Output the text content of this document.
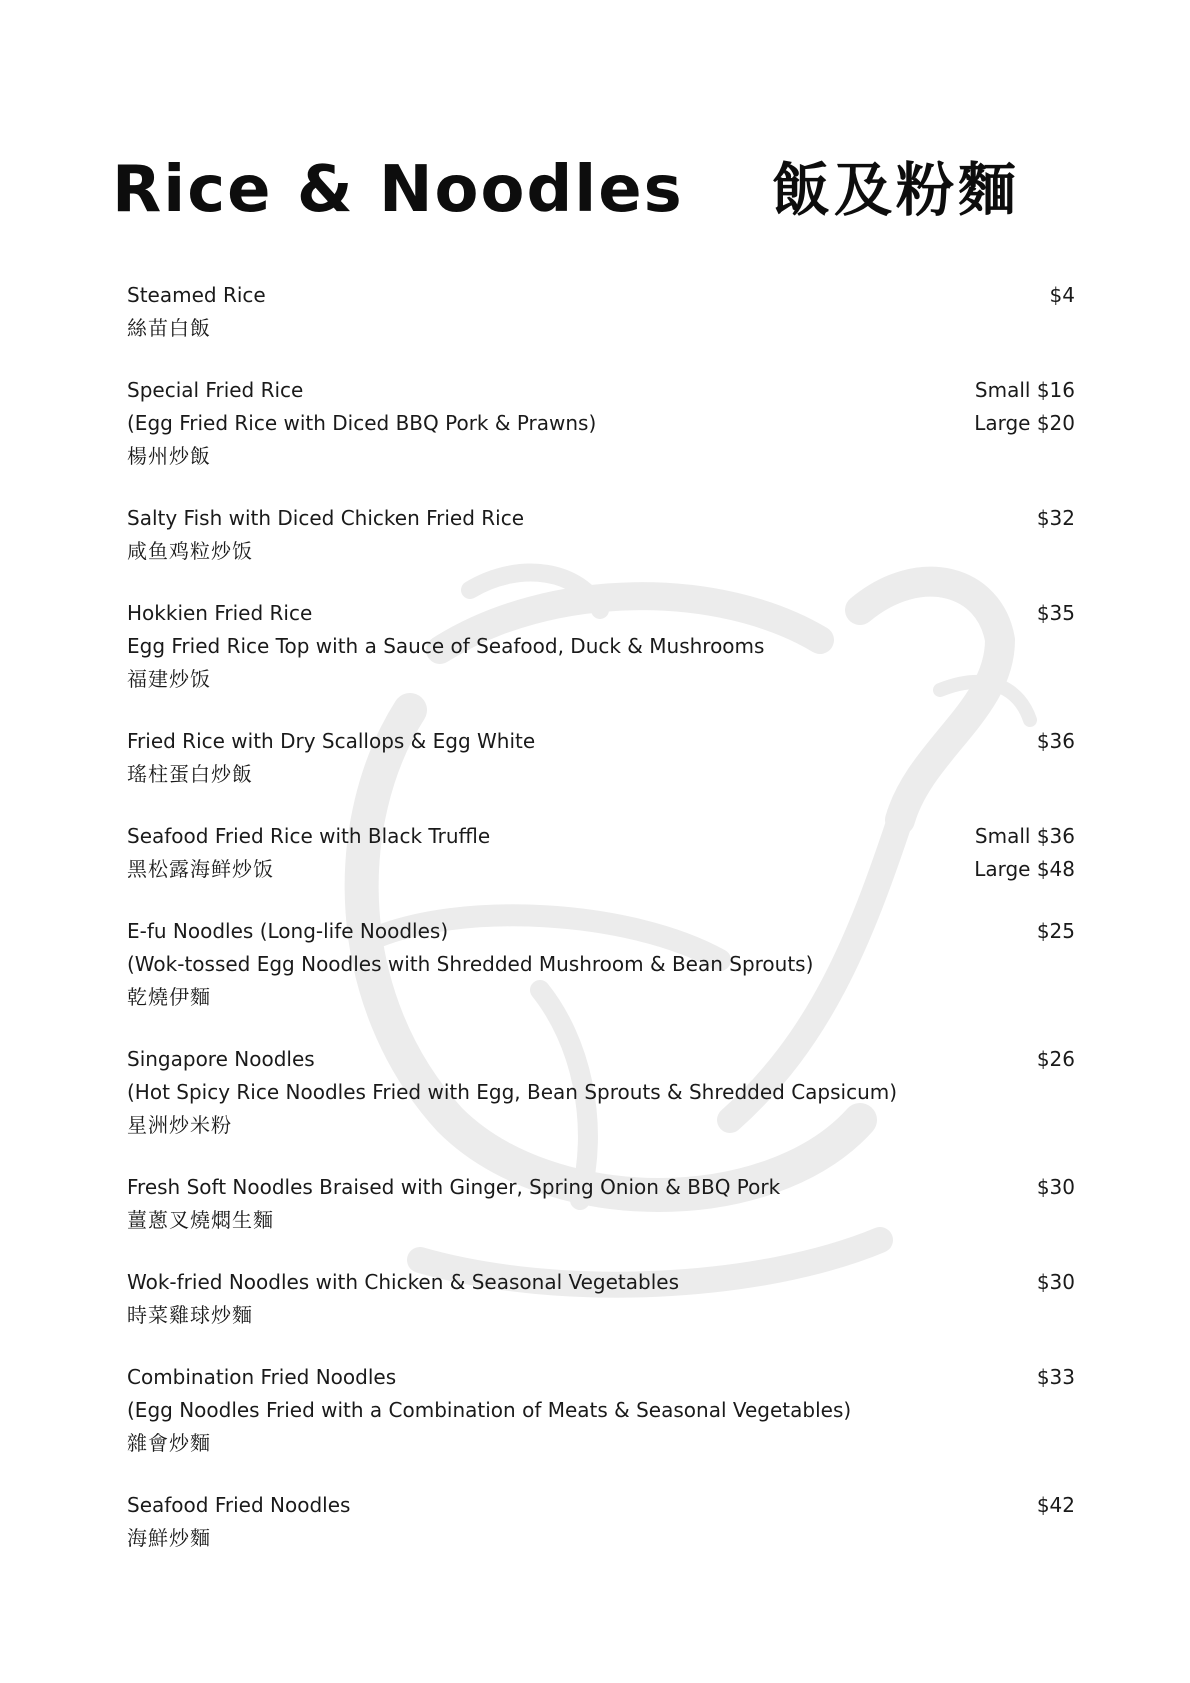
Rice & Noodles 飯及粉麵
Steamed Rice
絲苗白飯
$4
Special Fried Rice
(Egg Fried Rice with Diced BBQ Pork & Prawns)
楊州炒飯
Small $16
Large $20
Salty Fish with Diced Chicken Fried Rice
咸鱼鸡粒炒饭
$32
Hokkien Fried Rice
Egg Fried Rice Top with a Sauce of Seafood, Duck & Mushrooms
福建炒饭
$35
Fried Rice with Dry Scallops & Egg White
瑤柱蛋白炒飯
$36
Seafood Fried Rice with Black Truffle
黑松露海鲜炒饭
Small $36
Large $48
E-fu Noodles (Long-life Noodles)
(Wok-tossed Egg Noodles with Shredded Mushroom & Bean Sprouts)
乾燒伊麵
$25
Singapore Noodles
(Hot Spicy Rice Noodles Fried with Egg, Bean Sprouts & Shredded Capsicum)
星洲炒米粉
$26
Fresh Soft Noodles Braised with Ginger, Spring Onion & BBQ Pork
薑蔥叉燒燜生麵
$30
Wok-fried Noodles with Chicken & Seasonal Vegetables
時菜雞球炒麵
$30
Combination Fried Noodles
(Egg Noodles Fried with a Combination of Meats & Seasonal Vegetables)
雜會炒麵
$33
Seafood Fried Noodles
海鮮炒麵
$42
